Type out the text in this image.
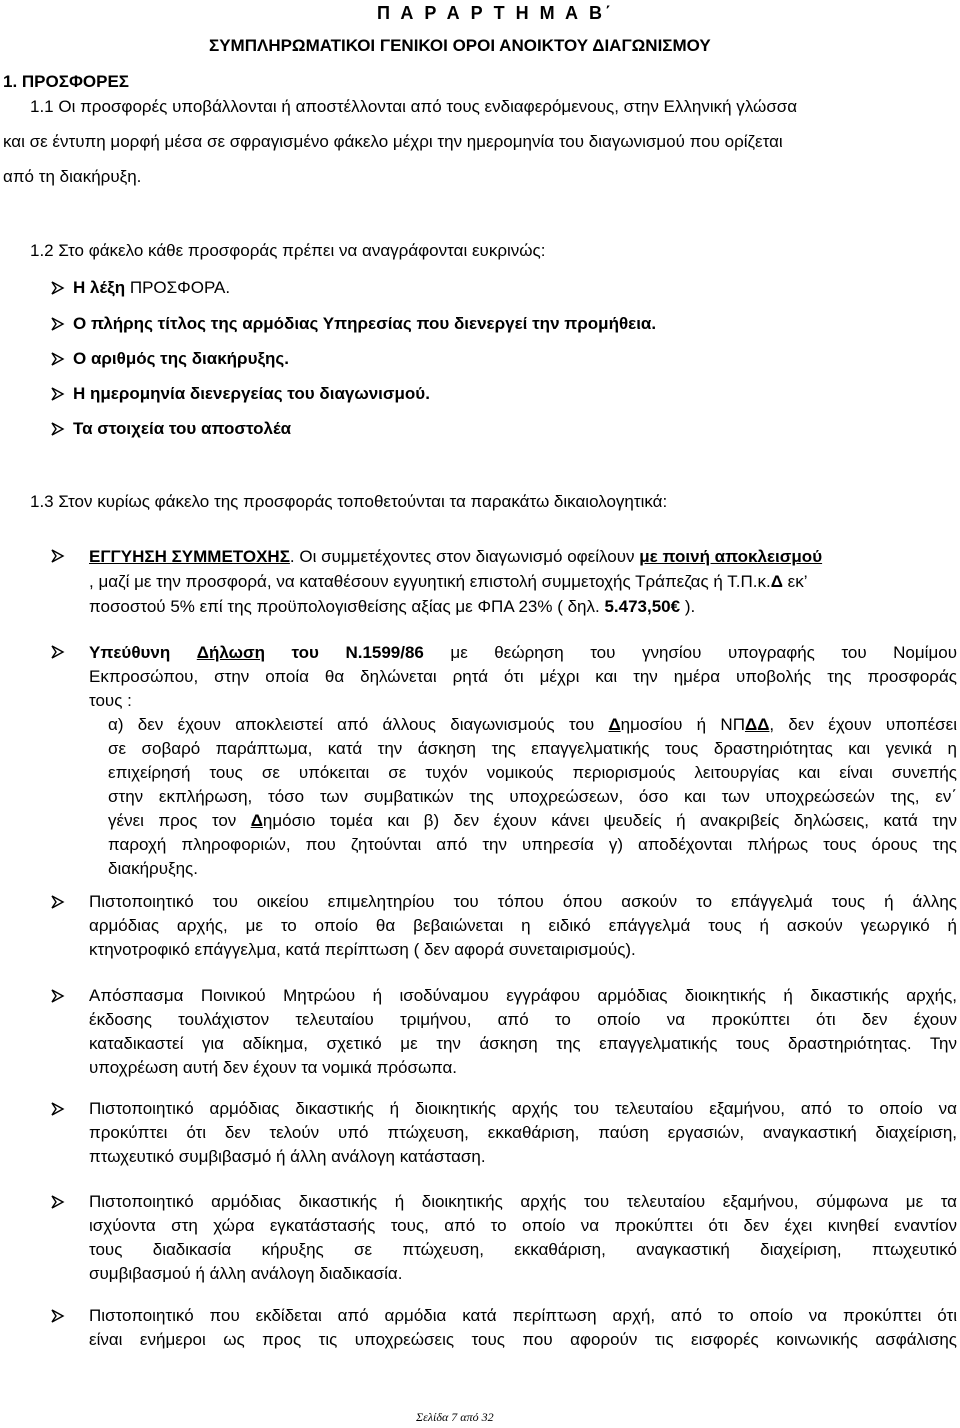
Π Α Ρ Α Ρ Τ Η Μ Α Β΄
ΣΥΜΠΛΗΡΩΜΑΤΙΚΟΙ ΓΕΝΙΚΟΙ ΟΡΟΙ ΑΝΟΙΚΤΟΥ ΔΙΑΓΩΝΙΣΜΟΥ
1. ΠΡΟΣΦΟΡΕΣ
1.1 Οι προσφορές υποβάλλονται ή αποστέλλονται από τους ενδιαφερόμενους, στην Ελληνική γλώσσα
και σε έντυπη μορφή μέσα σε σφραγισμένο φάκελο μέχρι την ημερομηνία του διαγωνισμού που ορίζεται
από τη διακήρυξη.
1.2 Στο φάκελο κάθε προσφοράς πρέπει να αναγράφονται ευκρινώς:
Η λέξη ΠΡΟΣΦΟΡΑ.
Ο πλήρης τίτλος της αρμόδιας Υπηρεσίας που διενεργεί την προμήθεια.
Ο αριθμός της διακήρυξης.
Η ημερομηνία διενεργείας του διαγωνισμού.
Τα στοιχεία του αποστολέα
1.3 Στον κυρίως φάκελο της προσφοράς τοποθετούνται τα παρακάτω δικαιολογητικά:
ΕΓΓΥΗΣΗ ΣΥΜΜΕΤΟΧΗΣ. Οι συμμετέχοντες στον διαγωνισμό οφείλουν με ποινή αποκλεισμού
, μαζί με την προσφορά, να καταθέσουν εγγυητική επιστολή συμμετοχής Τράπεζας ή Τ.Π.κ.Δ εκ’
ποσοστού 5% επί της προϋπολογισθείσης αξίας με ΦΠΑ 23% ( δηλ. 5.473,50€ ).
Υπεύθυνη Δήλωση του Ν.1599/86 με θεώρηση του γνησίου υπογραφής του Νομίμου
Εκπροσώπου, στην οποία θα δηλώνεται ρητά ότι μέχρι και την ημέρα υποβολής της προσφοράς
τους :
α) δεν έχουν αποκλειστεί από άλλους διαγωνισμούς του Δημοσίου ή ΝΠΔΔ, δεν έχουν υποπέσει
σε σοβαρό παράπτωμα, κατά την άσκηση της επαγγελματικής τους δραστηριότητας και γενικά η
επιχείρησή τους σε υπόκειται σε τυχόν νομικούς περιορισμούς λειτουργίας και είναι συνεπής
στην εκπλήρωση, τόσο των συμβατικών της υποχρεώσεων, όσο και των υποχρεώσεών της, εν΄
γένει προς τον Δημόσιο τομέα και β) δεν έχουν κάνει ψευδείς ή ανακριβείς δηλώσεις, κατά την
παροχή πληροφοριών, που ζητούνται από την υπηρεσία γ) αποδέχονται πλήρως τους όρους της
διακήρυξης.
Πιστοποιητικό του οικείου επιμελητηρίου του τόπου όπου ασκούν το επάγγελμά τους ή άλλης
αρμόδιας αρχής, με το οποίο θα βεβαιώνεται η ειδικό επάγγελμά τους ή ασκούν γεωργικό ή
κτηνοτροφικό επάγγελμα, κατά περίπτωση ( δεν αφορά συνεταιρισμούς).
Απόσπασμα Ποινικού Μητρώου ή ισοδύναμου εγγράφου αρμόδιας διοικητικής ή δικαστικής αρχής,
έκδοσης τουλάχιστον τελευταίου τριμήνου, από το οποίο να προκύπτει ότι δεν έχουν
καταδικαστεί για αδίκημα, σχετικό με την άσκηση της επαγγελματικής τους δραστηριότητας. Την
υποχρέωση αυτή δεν έχουν τα νομικά πρόσωπα.
Πιστοποιητικό αρμόδιας δικαστικής ή διοικητικής αρχής του τελευταίου εξαμήνου, από το οποίο να
προκύπτει ότι δεν τελούν υπό πτώχευση, εκκαθάριση, παύση εργασιών, αναγκαστική διαχείριση,
πτωχευτικό συμβιβασμό ή άλλη ανάλογη κατάσταση.
Πιστοποιητικό αρμόδιας δικαστικής ή διοικητικής αρχής του τελευταίου εξαμήνου, σύμφωνα με τα
ισχύοντα στη χώρα εγκατάστασής τους, από το οποίο να προκύπτει ότι δεν έχει κινηθεί εναντίον
τους διαδικασία κήρυξης σε πτώχευση, εκκαθάριση, αναγκαστική διαχείριση, πτωχευτικό
συμβιβασμού ή άλλη ανάλογη διαδικασία.
Πιστοποιητικό που εκδίδεται από αρμόδια κατά περίπτωση αρχή, από το οποίο να προκύπτει ότι
είναι ενήμεροι ως προς τις υποχρεώσεις τους που αφορούν τις εισφορές κοινωνικής ασφάλισης
Σελίδα 7 από 32
